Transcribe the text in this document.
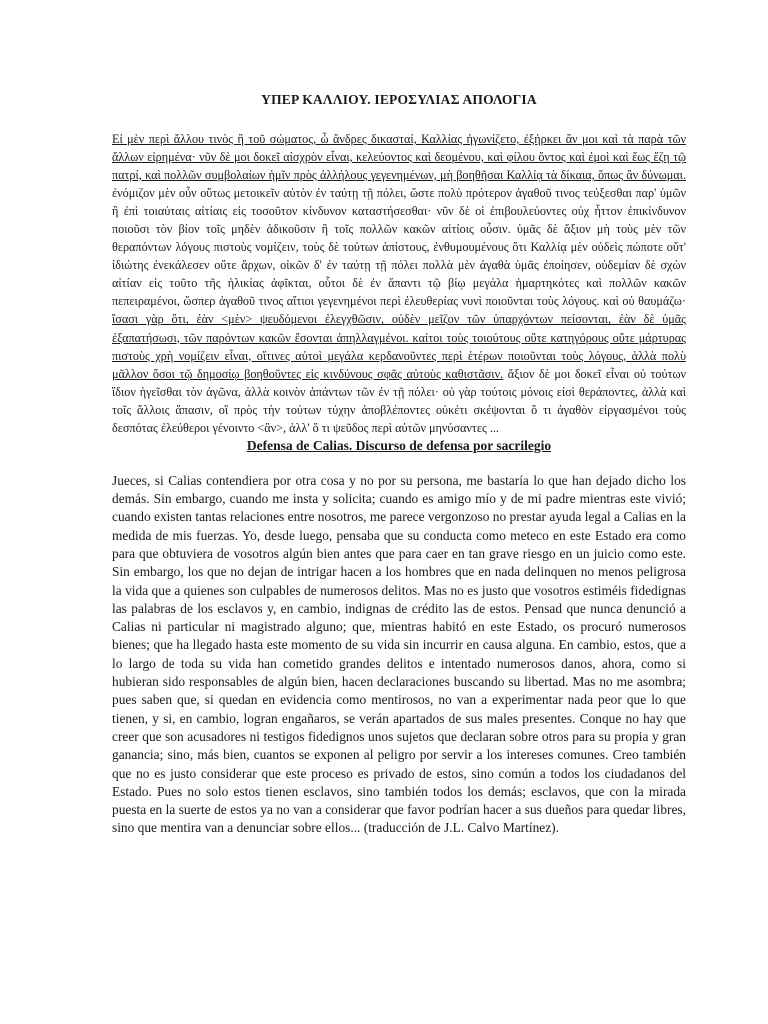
ΥΠΕΡ ΚΑΛΛΙΟΥ. ΙΕΡΟΣΥΛΙΑΣ ΑΠΟΛΟΓΙΑ
Εἰ μὲν περὶ ἄλλου τινὸς ἢ τοῦ σώματος, ὦ ἄνδρες δικασταί, Καλλίας ἠγωνίζετο, ἐξήρκει ἂν μοι καὶ τὰ παρὰ τῶν ἄλλων εἰρημένα· νῦν δὲ μοι δοκεῖ αἰσχρὸν εἶναι, κελεύοντος καὶ δεομένου, καὶ φίλου ὄντος καὶ ἐμοὶ καὶ ἕως ἔζη τῷ πατρί, καὶ πολλῶν συμβολαίων ἡμῖν πρὸς ἀλλήλους γεγενημένων, μὴ βοηθῆσαι Καλλίᾳ τὰ δίκαια, ὅπως ἂν δύνωμαι. ἐνόμιζον μὲν οὖν οὕτως μετοικεῖν αὐτὸν ἐν ταύτῃ τῇ πόλει, ὥστε πολὺ πρότερον ἀγαθοῦ τινος τεύξεσθαι παρ' ὑμῶν ἢ ἐπὶ τοιαύταις αἰτίαις εἰς τοσοῦτον κίνδυνον καταστήσεσθαι· νῦν δὲ οἱ ἐπιβουλεύοντες οὐχ ἧττον ἐπικίνδυνον ποιοῦσι τὸν βίον τοῖς μηδὲν ἀδικοῦσιν ἢ τοῖς πολλῶν κακῶν αἰτίοις οὖσιν. ὑμᾶς δὲ ἄξιον μὴ τοὺς μὲν τῶν θεραπόντων λόγους πιστοὺς νομίζειν, τοὺς δὲ τούτων ἀπίστους, ἐνθυμουμένους ὅτι Καλλίᾳ μὲν οὐδεὶς πώποτε οὔτ' ἰδιώτης ἐνεκάλεσεν οὔτε ἄρχων, οἰκῶν δ' ἐν ταύτῃ τῇ πόλει πολλὰ μὲν ἀγαθὰ ὑμᾶς ἐποίησεν, οὐδεμίαν δὲ σχὼν αἰτίαν εἰς τοῦτο τῆς ἡλικίας ἀφῖκται, οὗτοι δὲ ἐν ἅπαντι τῷ βίῳ μεγάλα ἡμαρτηκότες καὶ πολλῶν κακῶν πεπειραμένοι, ὥσπερ ἀγαθοῦ τινος αἴτιοι γεγενημένοι περὶ ἐλευθερίας νυνὶ ποιοῦνται τοὺς λόγους. καὶ οὐ θαυμάζω· ἴσασι γὰρ ὅτι, ἐὰν <μὲν> ψευδόμενοι ἐλεγχθῶσιν, οὐδὲν μεῖζον τῶν ὑπαρχόντων πείσονται, ἐὰν δὲ ὑμᾶς ἐξαπατήσωσι, τῶν παρόντων κακῶν ἔσονται ἀπηλλαγμένοι. καίτοι τοὺς τοιούτους οὔτε κατηγόρους οὔτε μάρτυρας πιστοὺς χρὴ νομίζειν εἶναι, οἵτινες αὐτοὶ μεγάλα κερδανοῦντες περὶ ἑτέρων ποιοῦνται τοὺς λόγους, ἀλλὰ πολὺ μᾶλλον ὅσοι τῷ δημοσίῳ βοηθοῦντες εἰς κινδύνους σφᾶς αὐτοὺς καθιστᾶσιν. ἄξιον δὲ μοι δοκεῖ εἶναι οὐ τούτων ἴδιον ἡγεῖσθαι τὸν ἀγῶνα, ἀλλὰ κοινὸν ἁπάντων τῶν ἐν τῇ πόλει· οὐ γὰρ τούτοις μόνοις εἰσὶ θεράποντες, ἀλλὰ καὶ τοῖς ἄλλοις ἅπασιν, οἳ πρὸς τὴν τούτων τύχην ἀποβλέποντες οὐκέτι σκέψονται ὅ τι ἀγαθὸν εἰργασμένοι τοὺς δεσπότας ἐλεύθεροι γένοιντο <ἂν>, ἀλλ' ὅ τι ψεῦδος περὶ αὐτῶν μηνύσαντες ...
Defensa de Calias. Discurso de defensa por sacrilegio

Jueces, si Calias contendiera por otra cosa y no por su persona, me bastaría lo que han dejado dicho los demás. Sin embargo, cuando me insta y solicita; cuando es amigo mío y de mi padre mientras este vivió; cuando existen tantas relaciones entre nosotros, me parece vergonzoso no prestar ayuda legal a Calias en la medida de mis fuerzas. Yo, desde luego, pensaba que su conducta como meteco en este Estado era como para que obtuviera de vosotros algún bien antes que para caer en tan grave riesgo en un juicio como este. Sin embargo, los que no dejan de intrigar hacen a los hombres que en nada delinquen no menos peligrosa la vida que a quienes son culpables de numerosos delitos. Mas no es justo que vosotros estiméis fidedignas las palabras de los esclavos y, en cambio, indignas de crédito las de estos. Pensad que nunca denunció a Calias ni particular ni magistrado alguno; que, mientras habitó en este Estado, os procuró numerosos bienes; que ha llegado hasta este momento de su vida sin incurrir en causa alguna. En cambio, estos, que a lo largo de toda su vida han cometido grandes delitos e intentado numerosos danos, ahora, como si hubieran sido responsables de algún bien, hacen declaraciones buscando su libertad. Mas no me asombra; pues saben que, si quedan en evidencia como mentirosos, no van a experimentar nada peor que lo que tienen, y si, en cambio, logran engañaros, se verán apartados de sus males presentes. Conque no hay que creer que son acusadores ni testigos fidedignos unos sujetos que declaran sobre otros para su propia y gran ganancia; sino, más bien, cuantos se exponen al peligro por servir a los intereses comunes. Creo también que no es justo considerar que este proceso es privado de estos, sino común a todos los ciudadanos del Estado. Pues no solo estos tienen esclavos, sino también todos los demás; esclavos, que con la mirada puesta en la suerte de estos ya no van a considerar que favor podrían hacer a sus dueños para quedar libres, sino que mentira van a denunciar sobre ellos... (traducción de J.L. Calvo Martínez).
